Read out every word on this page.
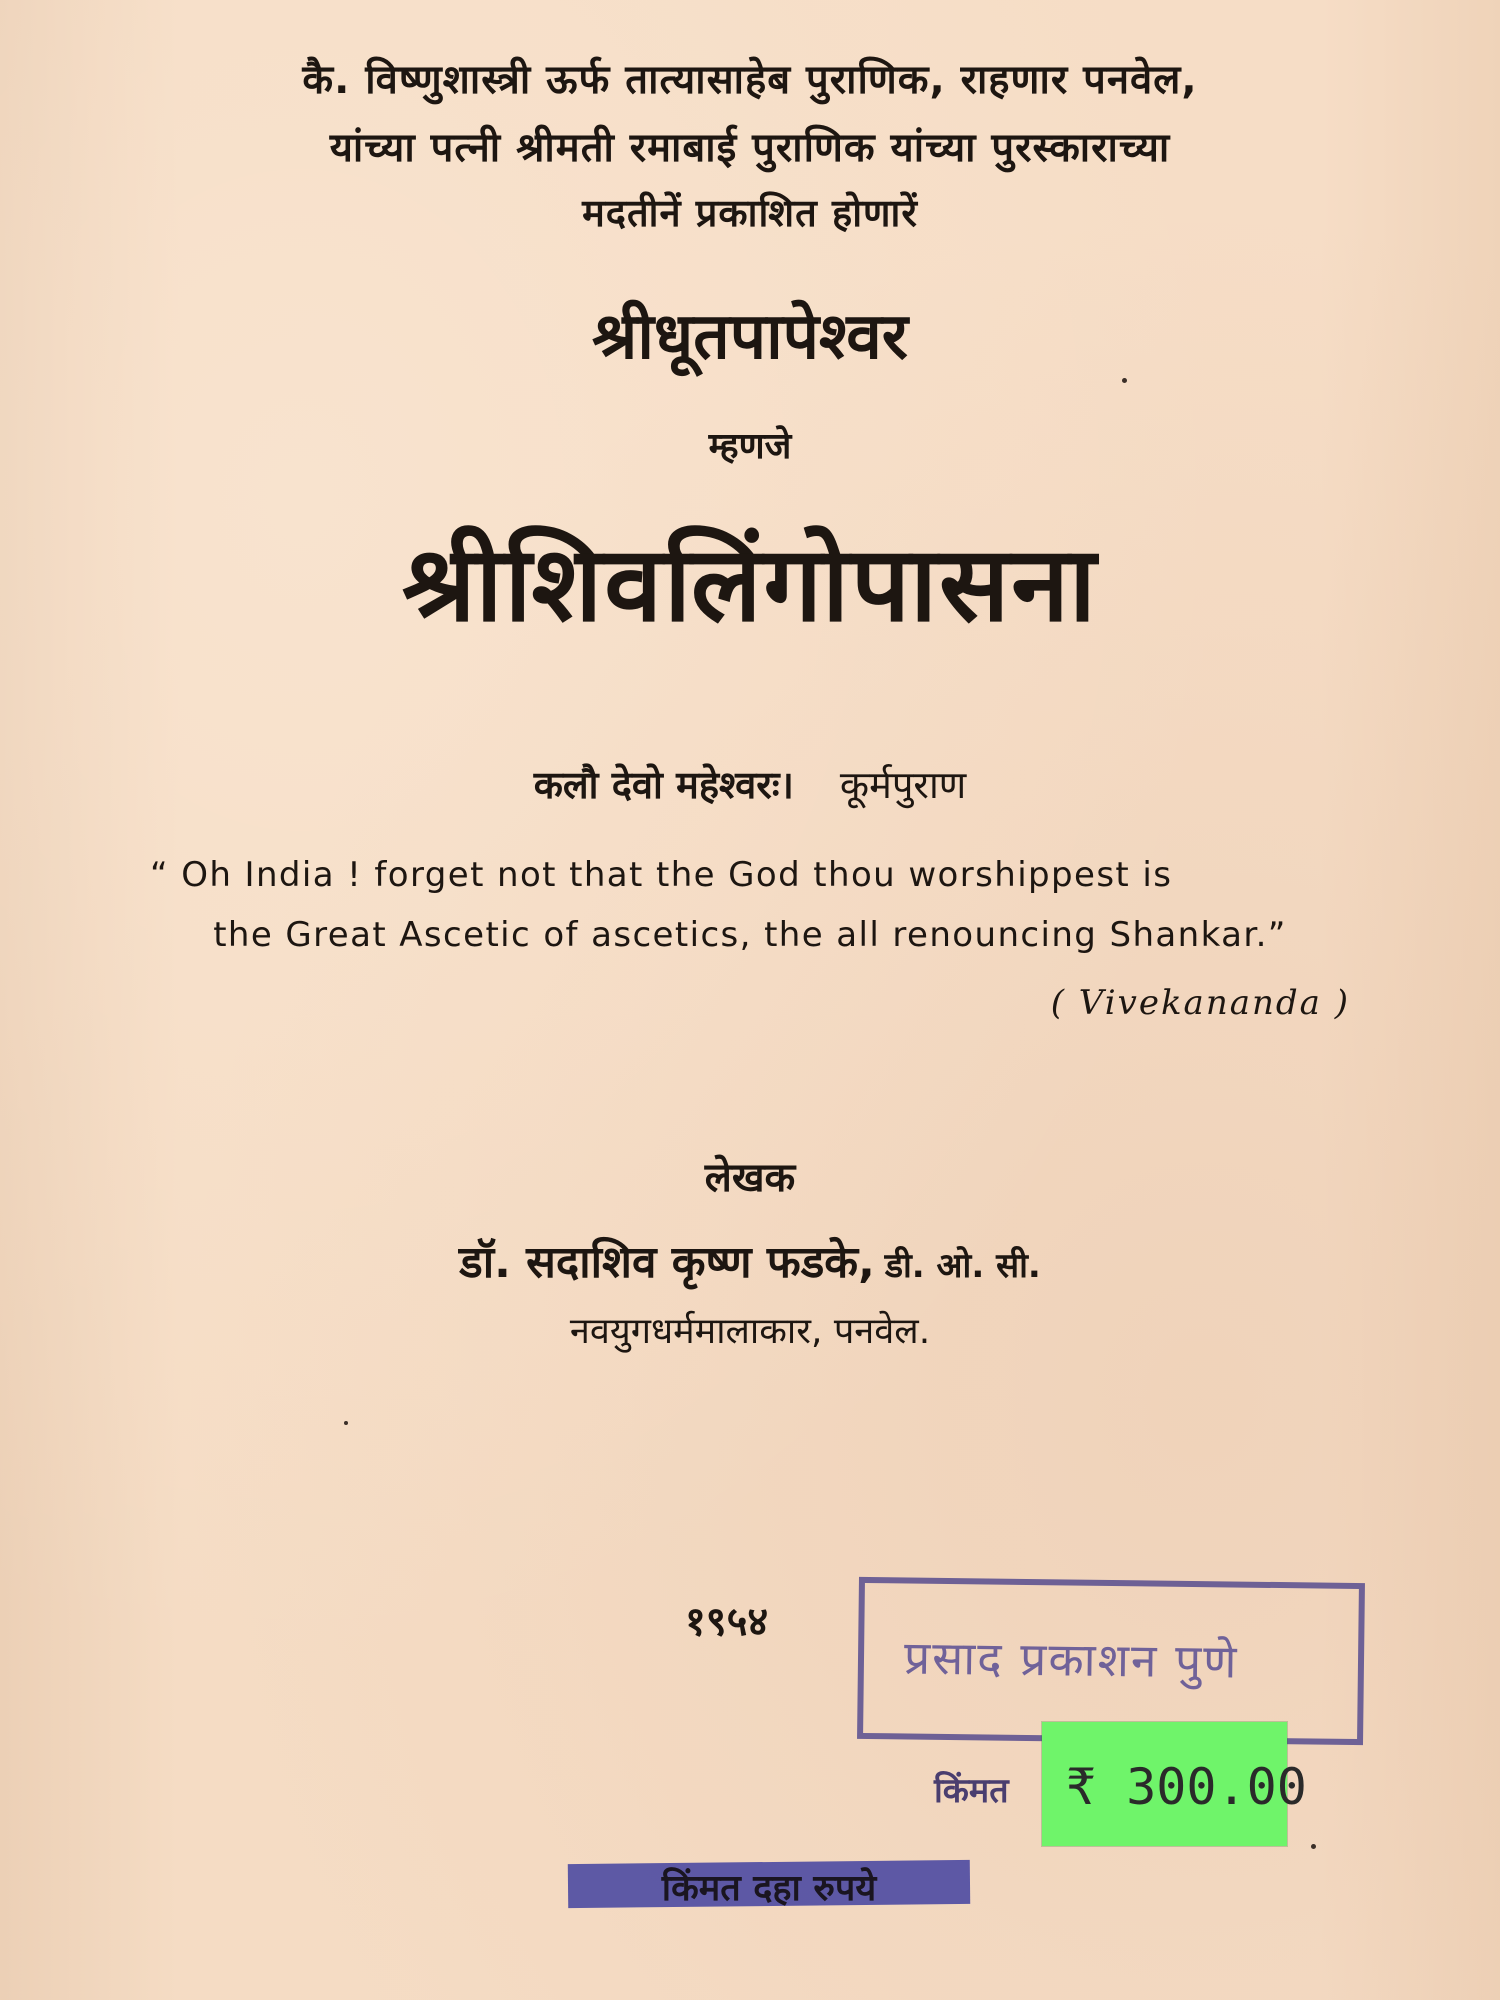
कै. विष्णुशास्त्री ऊर्फ तात्यासाहेब पुराणिक, राहणार पनवेल,
यांच्या पत्नी श्रीमती रमाबाई पुराणिक यांच्या पुरस्काराच्या
मदतीनें प्रकाशित होणारें
श्रीधूतपापेश्वर
म्हणजे
श्रीशिवलिंगोपासना
कलौ देवो महेश्वरः। कूर्मपुराण
“ Oh India ! forget not that the God thou worshippest is
the Great Ascetic of ascetics, the all renouncing Shankar.”
( Vivekananda )
लेखक
डॉ. सदाशिव कृष्ण फडके, डी. ओ. सी.
नवयुगधर्ममालाकार, पनवेल.
१९५४
प्रसाद प्रकाशन पुणे
किंमत ₹ 300.00
किंमत दहा रुपये
